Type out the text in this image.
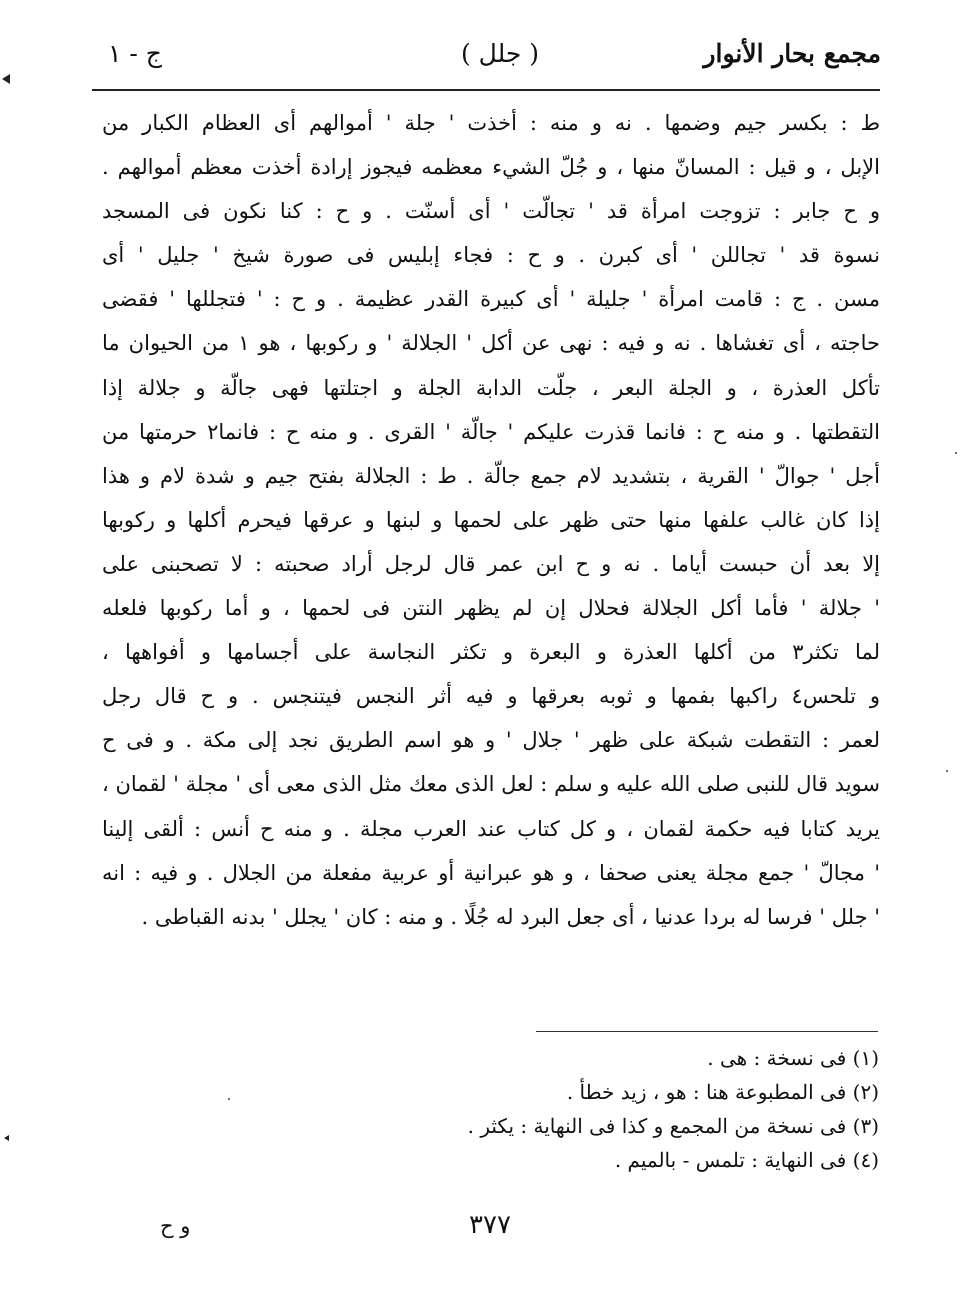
مجمع بحار الأنوار
( جلل )
ج - ١
ط : بكسر جيم وضمها . نه و منه : أخذت ' جلة ' أموالهم أى العظام الكبار من
الإبل ، و قيل : المسانّ منها ، و جُلّ الشيء معظمه فيجوز إرادة أخذت معظم أموالهم .
و ح جابر : تزوجت امرأة قد ' تجالّت ' أى أسنّت . و ح : كنا نكون فى المسجد
نسوة قد ' تجاللن ' أى كبرن . و ح : فجاء إبليس فى صورة شيخ ' جليل ' أى
مسن . ج : قامت امرأة ' جليلة ' أى كبيرة القدر عظيمة . و ح : ' فتجللها ' فقضى
حاجته ، أى تغشاها . نه و فيه : نهى عن أكل ' الجلالة ' و ركوبها ، هو ١ من الحيوان ما
تأكل العذرة ، و الجلة البعر ، جلّت الدابة الجلة و اجتلتها فهى جالّة و جلالة إذا
التقطتها . و منه ح : فانما قذرت عليكم ' جالّة ' القرى . و منه ح : فانما٢ حرمتها من
أجل ' جوالّ ' القرية ، بتشديد لام جمع جالّة . ط : الجلالة بفتح جيم و شدة لام و هذا
إذا كان غالب علفها منها حتى ظهر على لحمها و لبنها و عرقها فيحرم أكلها و ركوبها
إلا بعد أن حبست أياما . نه و ح ابن عمر قال لرجل أراد صحبته : لا تصحبنى على
' جلالة ' فأما أكل الجلالة فحلال إن لم يظهر النتن فى لحمها ، و أما ركوبها فلعله
لما تكثر٣ من أكلها العذرة و البعرة و تكثر النجاسة على أجسامها و أفواهها ،
و تلحس٤ راكبها بفمها و ثوبه بعرقها و فيه أثر النجس فيتنجس . و ح قال رجل
لعمر : التقطت شبكة على ظهر ' جلال ' و هو اسم الطريق نجد إلى مكة . و فى ح
سويد قال للنبى صلى الله عليه و سلم : لعل الذى معك مثل الذى معى أى ' مجلة ' لقمان ،
يريد كتابا فيه حكمة لقمان ، و كل كتاب عند العرب مجلة . و منه ح أنس : ألقى إلينا
' مجالّ ' جمع مجلة يعنى صحفا ، و هو عبرانية أو عربية مفعلة من الجلال . و فيه : انه
' جلل ' فرسا له بردا عدنيا ، أى جعل البرد له جُلًا . و منه : كان ' يجلل ' بدنه القباطى .
(١) فى نسخة : هى .
(٢) فى المطبوعة هنا : هو ، زيد خطأ .
(٣) فى نسخة من المجمع و كذا فى النهاية : يكثر .
(٤) فى النهاية : تلمس - بالميم .
٣٧٧
و ح
